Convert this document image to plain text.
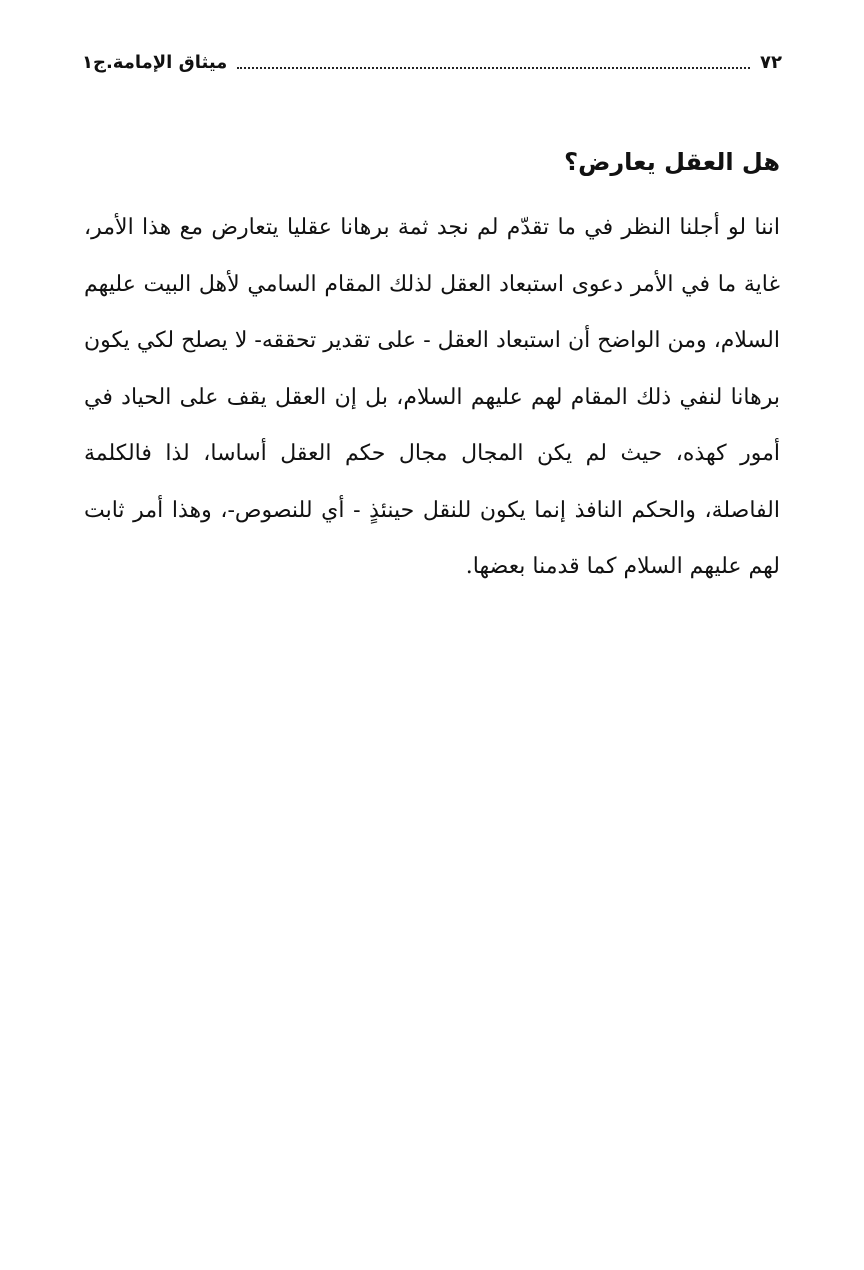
٧٢
ميثاق الإمامة.ج١
هل العقل يعارض؟

اننا لو أجلنا النظر في ما تقدّم لم نجد ثمة برهانا عقليا يتعارض مع هذا الأمر، غاية ما في الأمر دعوى استبعاد العقل لذلك المقام السامي لأهل البيت عليهم السلام، ومن الواضح أن استبعاد العقل - على تقدير تحققه- لا يصلح لكي يكون برهانا لنفي ذلك المقام لهم عليهم السلام، بل إن العقل يقف على الحياد في أمور كهذه، حيث لم يكن المجال مجال حكم العقل أساسا، لذا فالكلمة الفاصلة، والحكم النافذ إنما يكون للنقل حينئذٍ - أي للنصوص-، وهذا أمر ثابت لهم عليهم السلام كما قدمنا بعضها.
